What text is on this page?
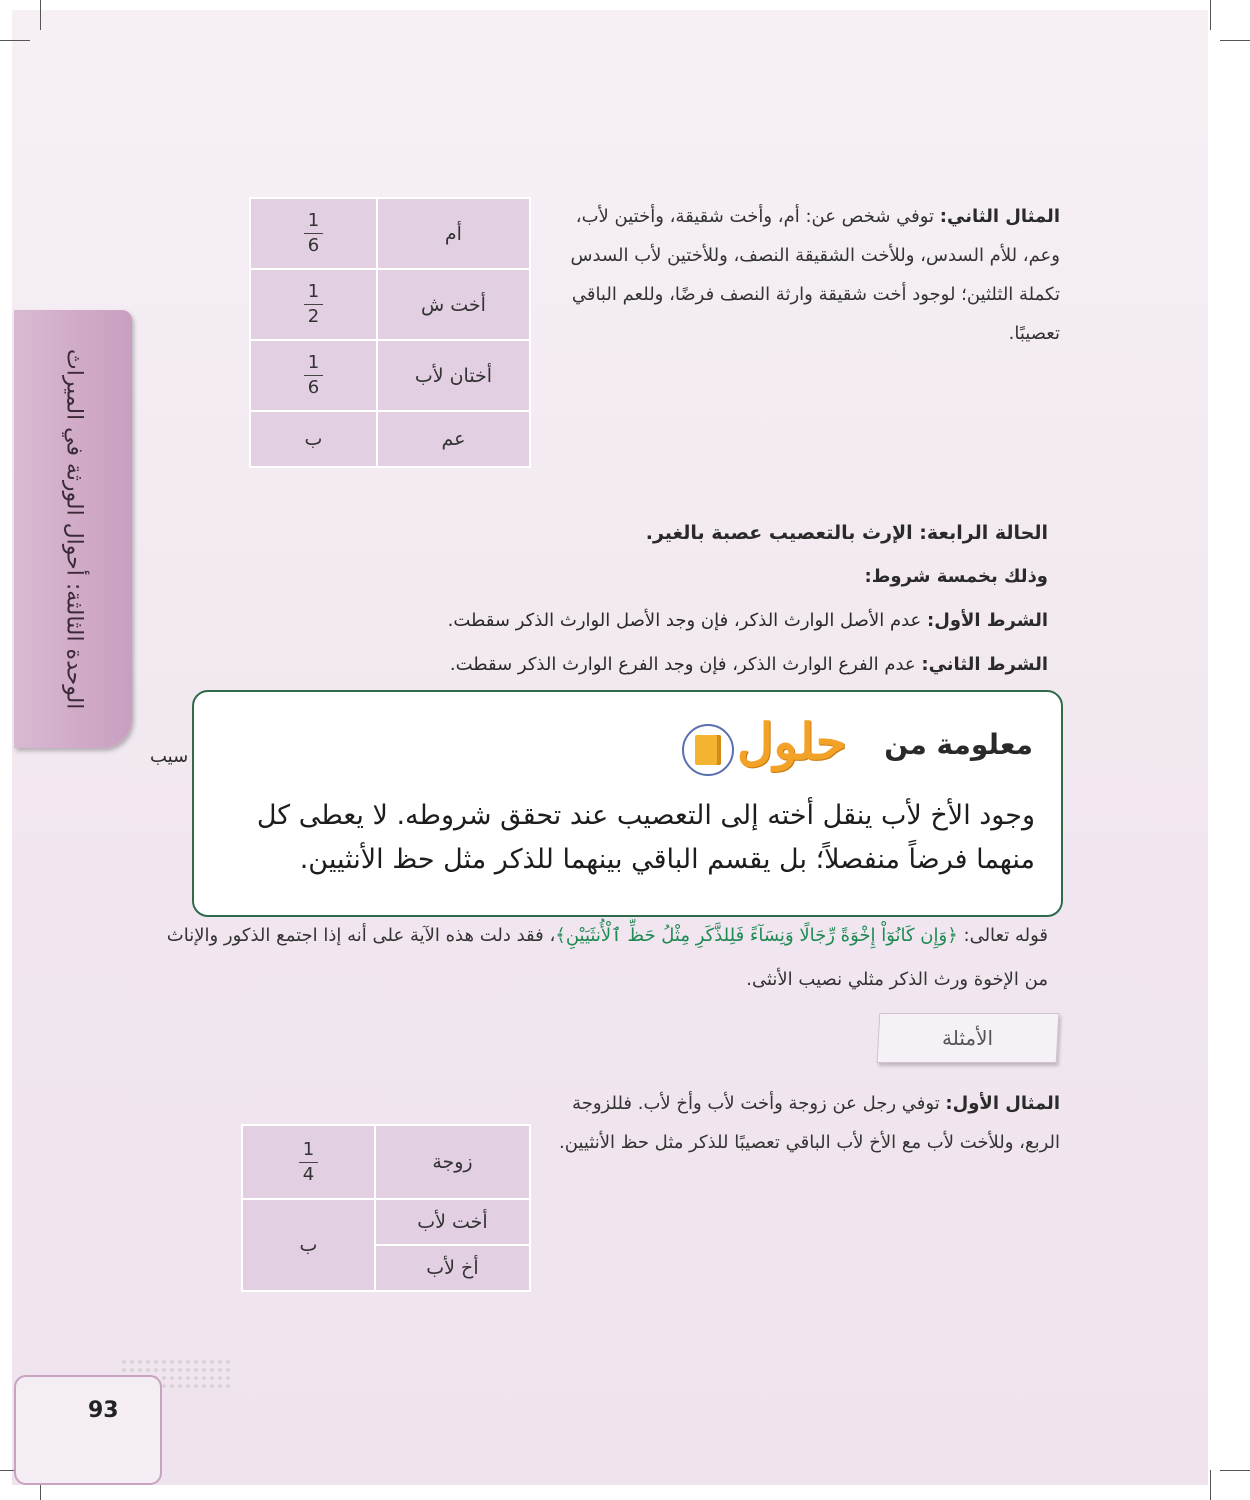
الوحدة الثالثة: أحوال الورثة في الميراث
المثال الثاني: توفي شخص عن: أم، وأخت شقيقة، وأختين لأب، وعم، للأم السدس، وللأخت الشقيقة النصف، وللأختين لأب السدس تكملة الثلثين؛ لوجود أخت شقيقة وارثة النصف فرضًا، وللعم الباقي تعصيبًا.
$\frac{1}{6}$	أم

$\frac{1}{2}$	أخت ش

$\frac{1}{6}$	أختان لأب
ب	عم
الحالة الرابعة: الإرث بالتعصيب عصبة بالغير.
وذلك بخمسة شروط:
الشرط الأول: عدم الأصل الوارث الذكر، فإن وجد الأصل الوارث الذكر سقطت.
الشرط الثاني: عدم الفرع الوارث الذكر، فإن وجد الفرع الوارث الذكر سقطت.
سيب	معلومة من
حلول
وجود الأخ لأب ينقل أخته إلى التعصيب عند تحقق شروطه. لا يعطى كل منهما فرضاً منفصلاً؛ بل يقسم الباقي بينهما للذكر مثل حظ الأنثيين.
قوله تعالى: ﴿وَإِن كَانُوٓاْ إِخْوَةً رِّجَالًا وَنِسَآءً فَلِلذَّكَرِ مِثْلُ حَظِّ ٱلْأُنثَيَيْنِ﴾، فقد دلت هذه الآية على أنه إذا اجتمع الذكور والإناث من الإخوة ورث الذكر مثلي نصيب الأنثى.
الأمثلة
المثال الأول: توفي رجل عن زوجة وأخت لأب وأخ لأب. فللزوجة الربع، وللأخت لأب مع الأخ لأب الباقي تعصيبًا للذكر مثل حظ الأنثيين.
$\frac{1}{4}$	زوجة
ب	أخت لأب
	أخ لأب
93
